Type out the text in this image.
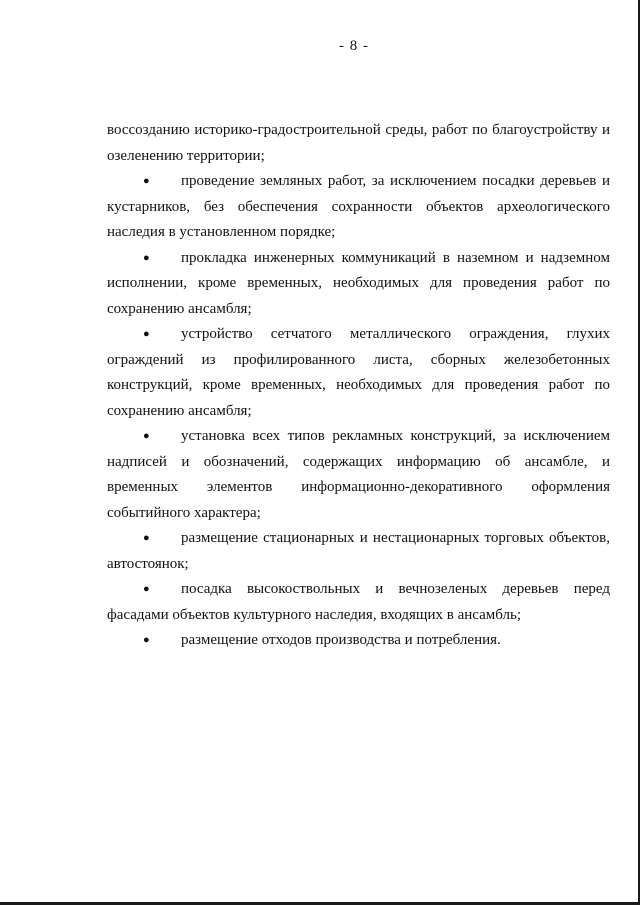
- 8 -

воссозданию историко-градостроительной среды, работ по благоустройству и озеленению территории;

● проведение земляных работ, за исключением посадки деревьев и кустарников, без обеспечения сохранности объектов археологического наследия в установленном порядке;

● прокладка инженерных коммуникаций в наземном и надземном исполнении, кроме временных, необходимых для проведения работ по сохранению ансамбля;

● устройство сетчатого металлического ограждения, глухих ограждений из профилированного листа, сборных железобетонных конструкций, кроме временных, необходимых для проведения работ по сохранению ансамбля;

● установка всех типов рекламных конструкций, за исключением надписей и обозначений, содержащих информацию об ансамбле, и временных элементов информационно-декоративного оформления событийного характера;

● размещение стационарных и нестационарных торговых объектов, автостоянок;

● посадка высокоствольных и вечнозеленых деревьев перед фасадами объектов культурного наследия, входящих в ансамбль;

● размещение отходов производства и потребления.
